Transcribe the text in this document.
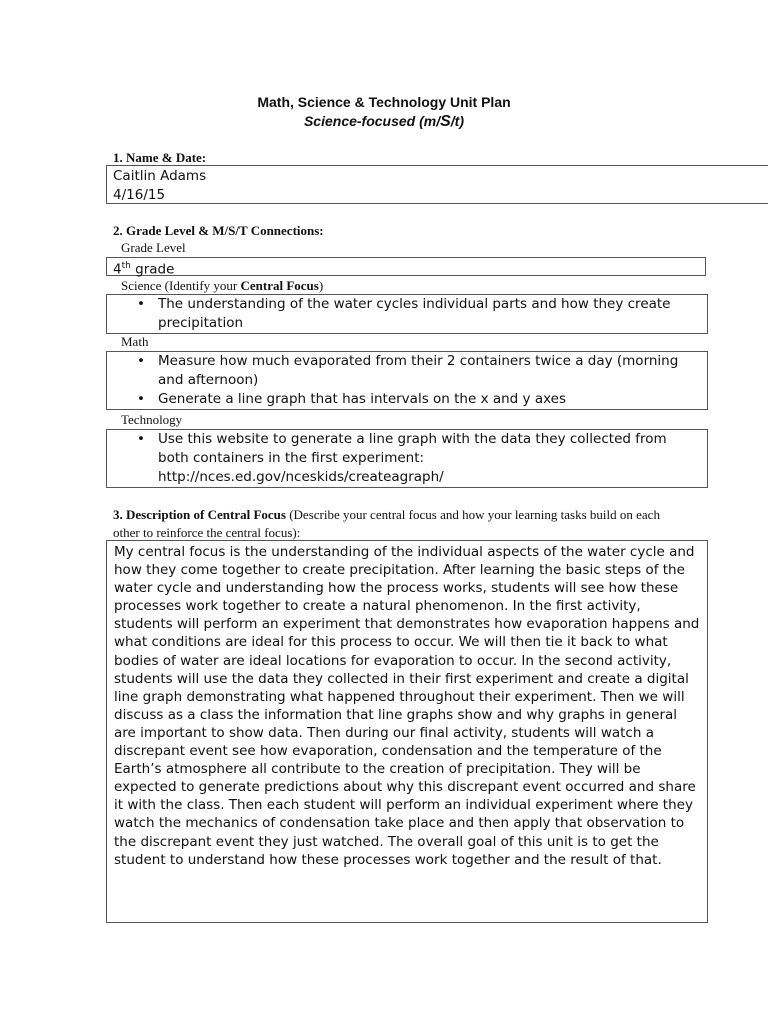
Math, Science & Technology Unit Plan
Science-focused (m/S/t)
1. Name & Date:
Caitlin Adams
4/16/15
2. Grade Level & M/S/T Connections:
Grade Level
4th grade
Science (Identify your Central Focus)
• The understanding of the water cycles individual parts and how they create precipitation
Math
• Measure how much evaporated from their 2 containers twice a day (morning and afternoon)
• Generate a line graph that has intervals on the x and y axes
Technology
• Use this website to generate a line graph with the data they collected from both containers in the first experiment: http://nces.ed.gov/nceskids/createagraph/
3. Description of Central Focus (Describe your central focus and how your learning tasks build on each other to reinforce the central focus):
My central focus is the understanding of the individual aspects of the water cycle and how they come together to create precipitation. After learning the basic steps of the water cycle and understanding how the process works, students will see how these processes work together to create a natural phenomenon. In the first activity, students will perform an experiment that demonstrates how evaporation happens and what conditions are ideal for this process to occur. We will then tie it back to what bodies of water are ideal locations for evaporation to occur. In the second activity, students will use the data they collected in their first experiment and create a digital line graph demonstrating what happened throughout their experiment. Then we will discuss as a class the information that line graphs show and why graphs in general are important to show data. Then during our final activity, students will watch a discrepant event see how evaporation, condensation and the temperature of the Earth’s atmosphere all contribute to the creation of precipitation. They will be expected to generate predictions about why this discrepant event occurred and share it with the class. Then each student will perform an individual experiment where they watch the mechanics of condensation take place and then apply that observation to the discrepant event they just watched. The overall goal of this unit is to get the student to understand how these processes work together and the result of that.
